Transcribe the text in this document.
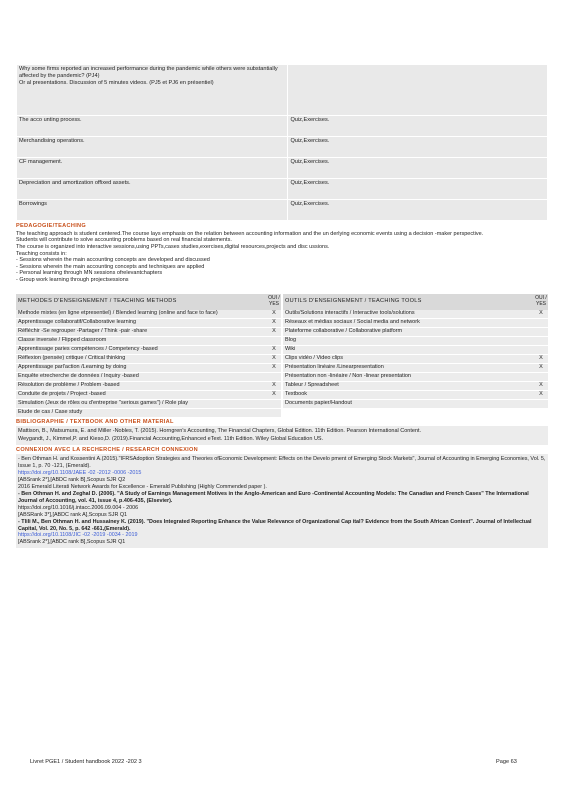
Why some firms reported an increased performance during the pandemic while others were substantially affected by the pandemic? (PJ4)
Or al presentations. Discussion of 5 minutes videos. (PJ5 et PJ6 en présentiel)	
The acco unting process.	Quiz,Exercises.
Merchandising operations.	Quiz,Exercises.
CF management.	Quiz,Exercises.
Depreciation and amortization offixed assets.	Quiz,Exercises.
Borrowings	Quiz,Exercises.
PEDAGOGIE/TEACHING
The teaching approach is student centered.The course lays emphasis on the relation between accounting information and the un derlying economic events using a decision -maker perspective.
Students will contribute to solve accounting problems based on real financial statements.
The course is organized into interactive sessions,using PPTs,cases studies,exercises,digital resources,projects and disc ussions.
Teaching consists in:
- Sessions wherein the main accounting concepts are developed and discussed
- Sessions wherein the main accounting concepts and techniques are applied
- Personal learning through MN sessions ofrelevantchapters
- Group work learning through projectsessions
METHODES D'ENSEIGNEMENT / TEACHING METHODS
OUI / YES
Methode mixtes (en ligne etpresentiel) / Blended learning (online and face to face)	X
Apprentissage collaboratif/Collaborative learning	X
Réfléchir -Se regrouper -Partager / Think -pair -share	X
Classe inversée / Flipped classroom
Apprentissage paries compétences / Competency -based	X
Réflexion (pensée) critique / Critical thinking	X
Apprentissage parl'action /Learning by doing	X
Enquête etrecherche de données / Inquiry -based
Résolution de problème / Problem -based	X
Conduite de projets / Project -based	X
Simulation (Jeux de rôles ou d'entreprise "serious games") / Role play
Etude de cas / Case study
OUTILS D'ENSEIGNEMENT / TEACHING TOOLS
OUI / YES
Outils/Solutions interactifs / Interactive tools/solutions	X
Réseaux et médias sociaux / Social media and network
Plateforme collaborative / Collaborative platform
Blog
Wiki
Clips vidéo / Video clips	X
Présentation linéaire /Linearpresentation	X
Présentation non -linéaire / Non -linear presentation
Tableur / Spreadsheet	X
Textbook	X
Documents papier/Handout
BIBLIOGRAPHIE / TEXTBOOK AND OTHER MATERIAL
Mattison, B., Matsumura, E. and Miller -Nobles, T. (2015). Horngren's Accounting, The Financial Chapters, Global Edition. 11th Edition. Pearson International Content.
Weygandt, J., Kimmel,P. and Kieso,D. (2019).Financial Accounting,Enhanced eText. 11th Edition. Wiley Global Education US.
CONNEXION AVEC LA RECHERCHE / RESEARCH CONNEXION
- Ben Othman H. and Kossentini A.(2015)."IFRSAdoption Strategies and Theories ofEconomic Development: Effects on the Develo pment of Emerging Stock Markets", Journal of Accounting in Emerging Economies, Vol. 5, Issue 1, p. 70 -121, (Emerald).
https://doi.org/10.1108/JAEE -02 -2012 -0006 -2015
[ABSrank 2*],[ABDC rank B],Scopus SJR Q2
2016 Emerald Literati Network Awards for Excellence - Emerald Publishing (Highly Commended paper ).
- Ben Othman H. and Zeghal D. (2006). "A Study of Earnings Management Motives in the Anglo-American and Euro -Continental Accounting Models: The Canadian and French Cases" The International Journal of Accounting, vol. 41, issue 4, p.406-435, (Elsevier).
https://doi.org/10.1016/j.intacc.2006.09.004 - 2006
[ABSRank 3*],[ABDC rank A],Scopus SJR Q1
- Tlili M., Ben Othman H. and Hussainey K. (2019). "Does Integrated Reporting Enhance the Value Relevance of Organizational Cap ital? Evidence from the South African Context". Journal of Intellectual Capital, Vol. 20, No. 5, p. 642 -661,(Emerald).
https://doi.org/10.1108/JIC -02 -2019 -0034 - 2019
[ABSrank 2*],[ABDC rank B],Scopus SJR Q1
Livret PGE1 / Student handbook 2022 -202 3	Page 63
